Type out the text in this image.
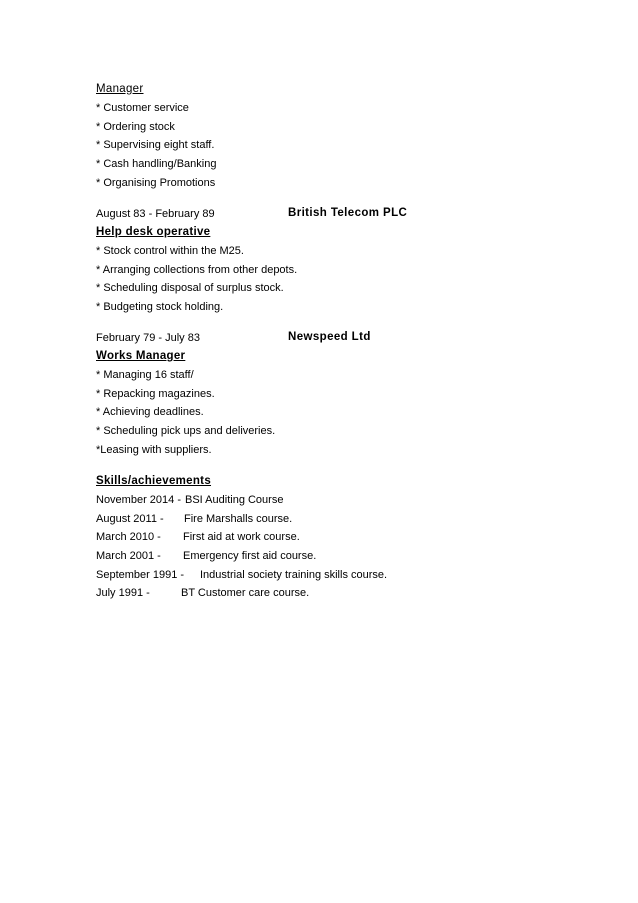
Manager
* Customer service
* Ordering stock
* Supervising eight staff.
* Cash handling/Banking
* Organising Promotions
August 83 - February 89	British Telecom PLC
Help desk operative
* Stock control within the M25.
* Arranging collections from other depots.
* Scheduling disposal of surplus stock.
* Budgeting stock holding.
February 79 - July 83	Newspeed Ltd
Works Manager
* Managing 16 staff/
* Repacking magazines.
* Achieving deadlines.
* Scheduling pick ups and deliveries.
*Leasing with suppliers.
Skills/achievements
November 2014 - BSI Auditing Course
August 2011 - Fire Marshalls course.
March 2010 - First aid at work course.
March 2001 - Emergency first aid course.
September 1991 - Industrial society training skills course.
July 1991 -	BT Customer care course.
